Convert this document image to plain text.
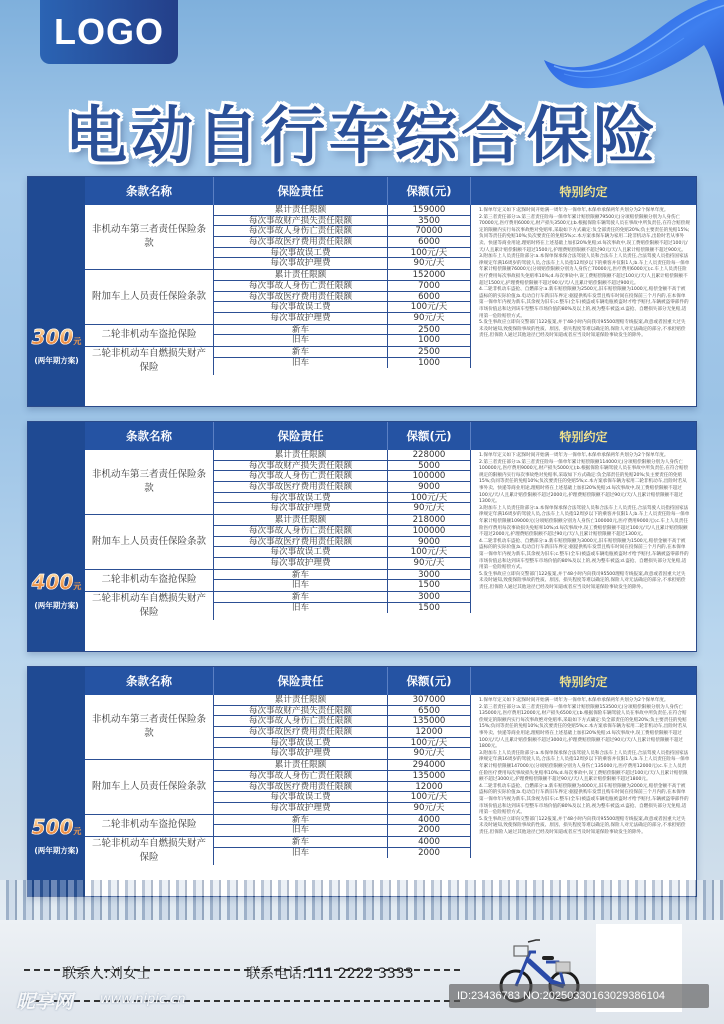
LOGO
电动自行车综合保险
300 元
(两年期方案)
条款名称	保险责任	保额(元)	特别约定
非机动车第三者责任保险条款
累计责任限额	159000
每次事故财产损失责任限额	3500
每次事故人身伤亡责任限额	70000
每次事故医疗费用责任限额	6000
每次事故误工费	100元/天
每次事故护理费	90元/天
附加车上人员责任保险条款
累计责任限额	152000
每次事故人身伤亡责任限额	7000
每次事故医疗费用责任限额	6000
每次事故误工费	100元/天
每次事故护理费	90元/天
二轮非机动车盗抢保险	新车	2500
旧车	1000
二轮非机动车自燃损失财产保险
新车	2500
旧车	1000

1.保单年定义如下:起保时间开始满一周年为一保单年,本保单承保两年共划分为2个保单年度。

2.第三者责任部分:a.第三者责任险每一保单年累计赔偿限额79500元(分项赔偿限额分别为人身伤亡70000元,医疗费用6000元,财产损失3500元);b.根据保险车辆驾驶人员在事故中所负责任,在符合赔偿规定的限额内实行每次事故绝对免赔率,采取如下方式确定:负全部责任的免赔20%;负主要责任的免赔15%;负同等责任的免赔10%;负次要责任的免赔5%;c.本方案承保车辆为家用二轮非机动车,出险时若从事外卖、快递等商业用途,理赔时将在上述基础上加扣20%免赔;d.每次事故中,误工费赔偿限额不超过100元/天/人且累计赔偿限额不超过1500元,护理费赔偿限额不超过90元/天/人且累计赔偿限额不超过900元。

3.附加车上人员责任险部分:a.本保单保承保合法驾驶人员和合法车上人员责任,合法驾驶人员指持国家法律规定年满16周岁的驾驶人员,合法车上人员指12周岁以下的乘客并仅限1人;b.车上人员责任险每一保单年累计赔偿限额76000元(分项赔偿限额分别为人身伤亡70000元,医疗费用6000元);c.车上人员责任险医疗费用每次事故损失免赔率10%;d.每次事故中,误工费赔偿限额不超过100元/天/人且累计赔偿限额不超过1500元,护理费赔偿限额不超过90元/天/人且累计赔偿限额不超过900元。

4.二轮非机动车盗抢、自燃部分:a.新车赔偿限额为2500元,旧车赔偿限额为1000元,赔偿金额不高于被盗标的的实际价值;b.电动自行车新旧车界定:据提供购车发票且购车时间在投保前三个月内的,在本保单第一保单年内视为新车,其余视为旧车;c.整车(全车)被盗或车辆电瓶被盗时才给予赔付,车辆被盗零部件的市场价值总和达到该车型整车市场价值的80%及以上的,视为整车被盗;d.盗抢、自燃损失部分无免赔,适用第一危险赔偿方式。

5.发生事故应立即向交警部门122报案,并于48小时内向我司95500理赔专线报案,故意或者因重大过失未及时通知,致使保险事故的性质、原因、损失程度等难以确定的,保险人对无法确定的部分,不承担赔偿责任,但保险人通过其他途径已经及时知道或者应当及时知道保险事故发生的除外。

400 元
(两年期方案)
条款名称	保险责任	保额(元)	特别约定
非机动车第三者责任保险条款
累计责任限额	228000
每次事故财产损失责任限额	5000
每次事故人身伤亡责任限额	100000
每次事故医疗费用责任限额	9000
每次事故误工费	100元/天
每次事故护理费	90元/天
附加车上人员责任保险条款
累计责任限额	218000
每次事故人身伤亡责任限额	100000
每次事故医疗费用责任限额	9000
每次事故误工费	100元/天
每次事故护理费	90元/天
二轮非机动车盗抢保险	新车	3000
旧车	1500
二轮非机动车自燃损失财产保险
新车	3000
旧车	1500

1.保单年定义如下:起保时间开始满一周年为一保单年,本保单承保两年共划分为2个保单年度。

2.第三者责任部分:a.第三者责任险每一保单年累计赔偿限额114000元(分项赔偿限额分别为人身伤亡100000元,医疗费用9000元,财产损失5000元);b.根据保险车辆驾驶人员在事故中所负责任,在符合赔偿规定的限额内实行每次事故绝对免赔率,采取如下方式确定:负全部责任的免赔20%;负主要责任的免赔15%;负同等责任的免赔10%;负次要责任的免赔5%;c.本方案承保车辆为家用二轮非机动车,出险时若从事外卖、快递等商业用途,理赔时将在上述基础上加扣20%免赔;d.每次事故中,误工费赔偿限额不超过100元/天/人且累计赔偿限额不超过2000元,护理费赔偿限额不超过90元/天/人且累计赔偿限额不超过1300元。

3.附加车上人员责任险部分:a.本保单保承保合法驾驶人员和合法车上人员责任,合法驾驶人员指持国家法律规定年满16周岁的驾驶人员,合法车上人员指12周岁以下的乘客并仅限1人;b.车上人员责任险每一保单年累计赔偿限额109000元(分项赔偿限额分别为人身伤亡100000元,医疗费用9000元);c.车上人员责任险医疗费用每次事故损失免赔率10%;d.每次事故中,误工费赔偿限额不超过100元/天/人且累计赔偿限额不超过2000元,护理费赔偿限额不超过90元/天/人且累计赔偿限额不超过1300元。

4.二轮非机动车盗抢、自燃部分:a.新车赔偿限额为3000元,旧车赔偿限额为1500元,赔偿金额不高于被盗标的的实际价值;b.电动自行车新旧车界定:据提供购车发票且购车时间在投保前三个月内的,在本保单第一保单年内视为新车,其余视为旧车;c.整车(全车)被盗或车辆电瓶被盗时才给予赔付,车辆被盗零部件的市场价值总和达到该车型整车市场价值的80%及以上的,视为整车被盗;d.盗抢、自燃损失部分无免赔,适用第一危险赔偿方式。

5.发生事故应立即向交警部门122报案,并于48小时内向我司95500理赔专线报案,故意或者因重大过失未及时通知,致使保险事故的性质、原因、损失程度等难以确定的,保险人对无法确定的部分,不承担赔偿责任,但保险人通过其他途径已经及时知道或者应当及时知道保险事故发生的除外。

500 元
(两年期方案)
条款名称	保险责任	保额(元)	特别约定
非机动车第三者责任保险条款
累计责任限额	307000
每次事故财产损失责任限额	6500
每次事故人身伤亡责任限额	135000
每次事故医疗费用责任限额	12000
每次事故误工费	100元/天
每次事故护理费	90元/天
附加车上人员责任保险条款
累计责任限额	294000
每次事故人身伤亡责任限额	135000
每次事故医疗费用责任限额	12000
每次事故误工费	100元/天
每次事故护理费	90元/天
二轮非机动车盗抢保险	新车	4000
旧车	2000
二轮非机动车自燃损失财产保险
新车	4000
旧车	2000

1.保单年定义如下:起保时间开始满一周年为一保单年,本保单承保两年共划分为2个保单年度。

2.第三者责任部分:a.第三者责任险每一保单年累计赔偿限额153500元(分项赔偿限额分别为人身伤亡135000元,医疗费用12000元,财产损失6500元);b.根据保险车辆驾驶人员在事故中所负责任,在符合赔偿规定的限额内实行每次事故绝对免赔率,采取如下方式确定:负全部责任的免赔20%;负主要责任的免赔15%;负同等责任的免赔10%;负次要责任的免赔5%;c.本方案承保车辆为家用二轮非机动车,出险时若从事外卖、快递等商业用途,理赔时将在上述基础上加扣20%免赔;d.每次事故中,误工费赔偿限额不超过100元/天/人且累计赔偿限额不超过3000元,护理费赔偿限额不超过90元/天/人且累计赔偿限额不超过1800元。

3.附加车上人员责任险部分:a.本保单保承保合法驾驶人员和合法车上人员责任,合法驾驶人员指持国家法律规定年满16周岁的驾驶人员,合法车上人员指12周岁以下的乘客并仅限1人;b.车上人员责任险每一保单年累计赔偿限额147000元(分项赔偿限额分别为人身伤亡135000元,医疗费用12000元);c.车上人员责任险医疗费用每次事故损失免赔率10%;d.每次事故中,误工费赔偿限额不超过100元/天/人且累计赔偿限额不超过3000元,护理费赔偿限额不超过90元/天/人且累计赔偿限额不超过1800元。

4.二轮非机动车盗抢、自燃部分:a.新车赔偿限额为4000元,旧车赔偿限额为2000元,赔偿金额不高于被盗标的的实际价值;b.电动自行车新旧车界定:据提供购车发票且购车时间在投保前三个月内的,在本保单第一保单年内视为新车,其余视为旧车;c.整车(全车)被盗或车辆电瓶被盗时才给予赔付,车辆被盗零部件的市场价值总和达到该车型整车市场价值的80%及以上的,视为整车被盗;d.盗抢、自燃损失部分无免赔,适用第一危险赔偿方式。

5.发生事故应立即向交警部门122报案,并于48小时内向我司95500理赔专线报案,故意或者因重大过失未及时通知,致使保险事故的性质、原因、损失程度等难以确定的,保险人对无法确定的部分,不承担赔偿责任,但保险人通过其他途径已经及时知道或者应当及时知道保险事故发生的除外。

联系人:刘女士	联系电话:111 2222 3333
昵享网 www.nipic.cn	ID:23436783 NO:20250330163029386104
